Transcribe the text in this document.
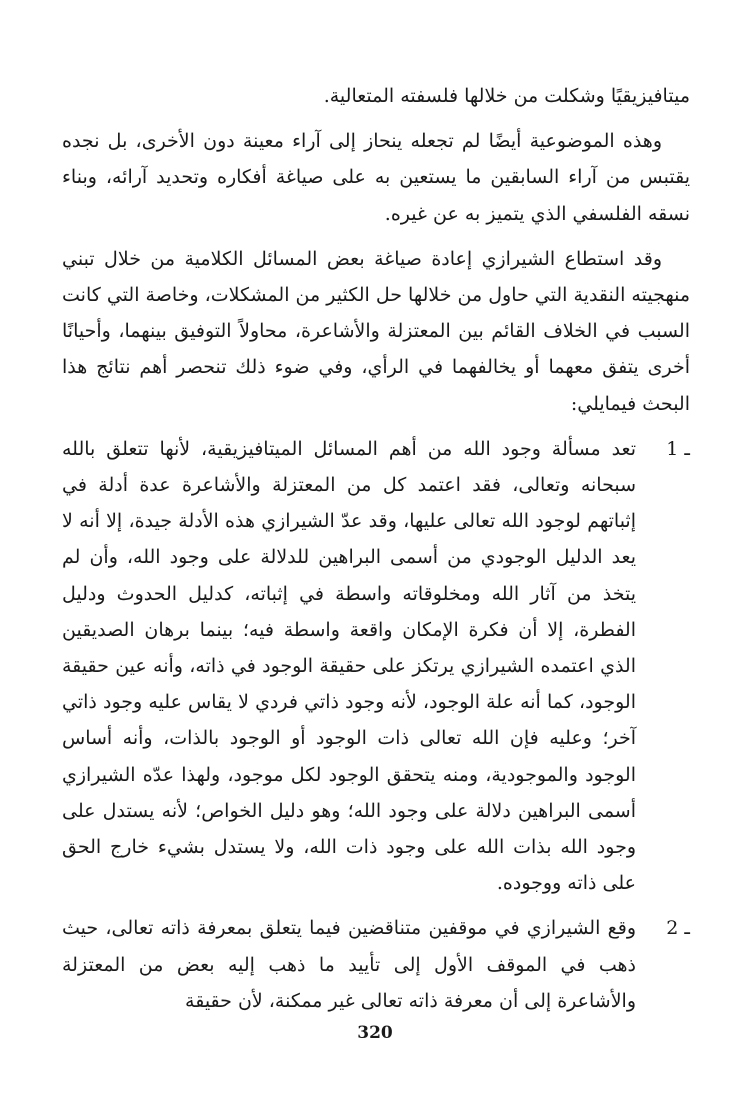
ميتافيزيقيًا وشكلت من خلالها فلسفته المتعالية.

وهذه الموضوعية أيضًا لم تجعله ينحاز إلى آراء معينة دون الأخرى، بل نجده يقتبس من آراء السابقين ما يستعين به على صياغة أفكاره وتحديد آرائه، وبناء نسقه الفلسفي الذي يتميز به عن غيره.

وقد استطاع الشيرازي إعادة صياغة بعض المسائل الكلامية من خلال تبني منهجيته النقدية التي حاول من خلالها حل الكثير من المشكلات، وخاصة التي كانت السبب في الخلاف القائم بين المعتزلة والأشاعرة، محاولاً التوفيق بينهما، وأحيانًا أخرى يتفق معهما أو يخالفهما في الرأي، وفي ضوء ذلك تنحصر أهم نتائج هذا البحث فيمايلي:

1 ـ

تعد مسألة وجود الله من أهم المسائل الميتافيزيقية، لأنها تتعلق بالله سبحانه وتعالى، فقد اعتمد كل من المعتزلة والأشاعرة عدة أدلة في إثباتهم لوجود الله تعالى عليها، وقد عدّ الشيرازي هذه الأدلة جيدة، إلا أنه لا يعد الدليل الوجودي من أسمى البراهين للدلالة على وجود الله، وأن لم يتخذ من آثار الله ومخلوقاته واسطة في إثباته، كدليل الحدوث ودليل الفطرة، إلا أن فكرة الإمكان واقعة واسطة فيه؛ بينما برهان الصديقين الذي اعتمده الشيرازي يرتكز على حقيقة الوجود في ذاته، وأنه عين حقيقة الوجود، كما أنه علة الوجود، لأنه وجود ذاتي فردي لا يقاس عليه وجود ذاتي آخر؛ وعليه فإن الله تعالى ذات الوجود أو الوجود بالذات، وأنه أساس الوجود والموجودية، ومنه يتحقق الوجود لكل موجود، ولهذا عدّه الشيرازي أسمى البراهين دلالة على وجود الله؛ وهو دليل الخواص؛ لأنه يستدل على وجود الله بذات الله على وجود ذات الله، ولا يستدل بشيء خارج الحق على ذاته ووجوده.

2 ـ

وقع الشيرازي في موقفين متناقضين فيما يتعلق بمعرفة ذاته تعالى، حيث ذهب في الموقف الأول إلى تأييد ما ذهب إليه بعض من المعتزلة والأشاعرة إلى أن معرفة ذاته تعالى غير ممكنة، لأن حقيقة

320
